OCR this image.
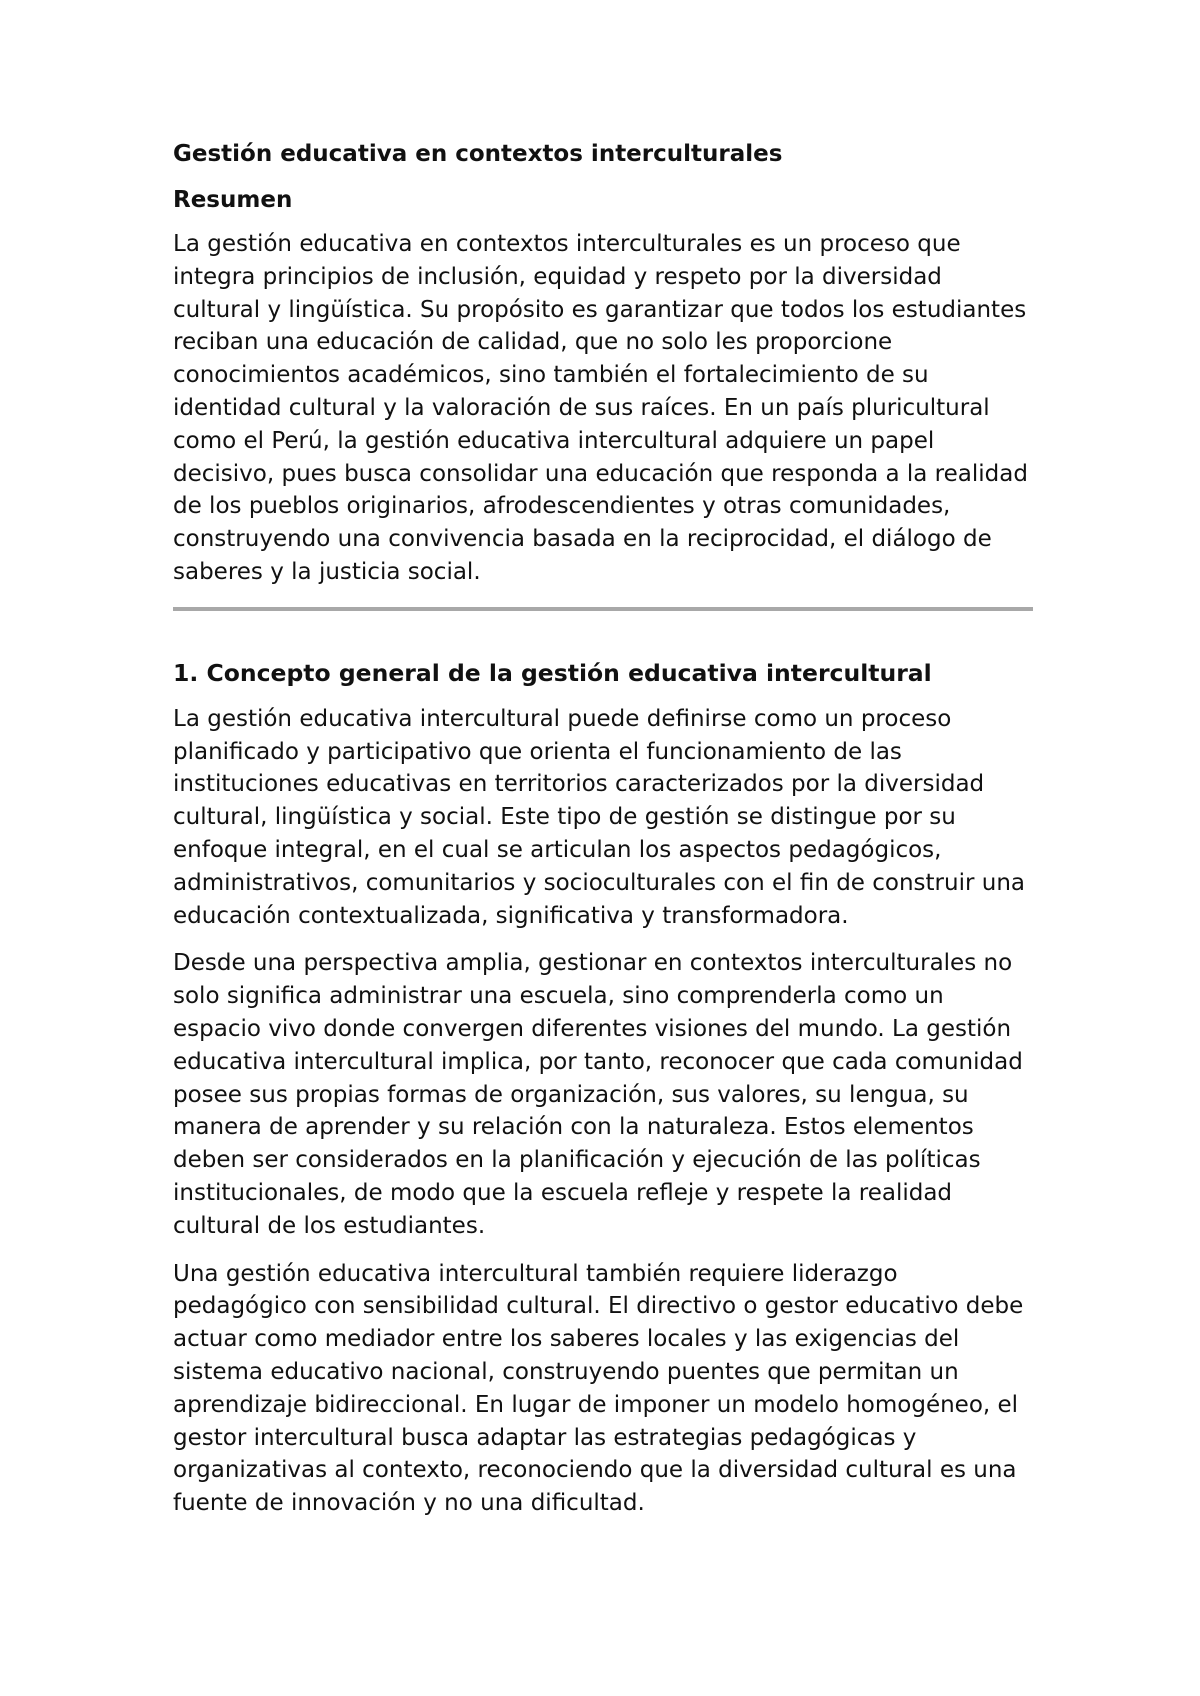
Gestión educativa en contextos interculturales
Resumen

La gestión educativa en contextos interculturales es un proceso que integra principios de inclusión, equidad y respeto por la diversidad cultural y lingüística. Su propósito es garantizar que todos los estudiantes reciban una educación de calidad, que no solo les proporcione conocimientos académicos, sino también el fortalecimiento de su identidad cultural y la valoración de sus raíces. En un país pluricultural como el Perú, la gestión educativa intercultural adquiere un papel decisivo, pues busca consolidar una educación que responda a la realidad de los pueblos originarios, afrodescendientes y otras comunidades, construyendo una convivencia basada en la reciprocidad, el diálogo de saberes y la justicia social.

1. Concepto general de la gestión educativa intercultural

La gestión educativa intercultural puede definirse como un proceso planificado y participativo que orienta el funcionamiento de las instituciones educativas en territorios caracterizados por la diversidad cultural, lingüística y social. Este tipo de gestión se distingue por su enfoque integral, en el cual se articulan los aspectos pedagógicos, administrativos, comunitarios y socioculturales con el fin de construir una educación contextualizada, significativa y transformadora.

Desde una perspectiva amplia, gestionar en contextos interculturales no solo significa administrar una escuela, sino comprenderla como un espacio vivo donde convergen diferentes visiones del mundo. La gestión educativa intercultural implica, por tanto, reconocer que cada comunidad posee sus propias formas de organización, sus valores, su lengua, su manera de aprender y su relación con la naturaleza. Estos elementos deben ser considerados en la planificación y ejecución de las políticas institucionales, de modo que la escuela refleje y respete la realidad cultural de los estudiantes.

Una gestión educativa intercultural también requiere liderazgo pedagógico con sensibilidad cultural. El directivo o gestor educativo debe actuar como mediador entre los saberes locales y las exigencias del sistema educativo nacional, construyendo puentes que permitan un aprendizaje bidireccional. En lugar de imponer un modelo homogéneo, el gestor intercultural busca adaptar las estrategias pedagógicas y organizativas al contexto, reconociendo que la diversidad cultural es una fuente de innovación y no una dificultad.
